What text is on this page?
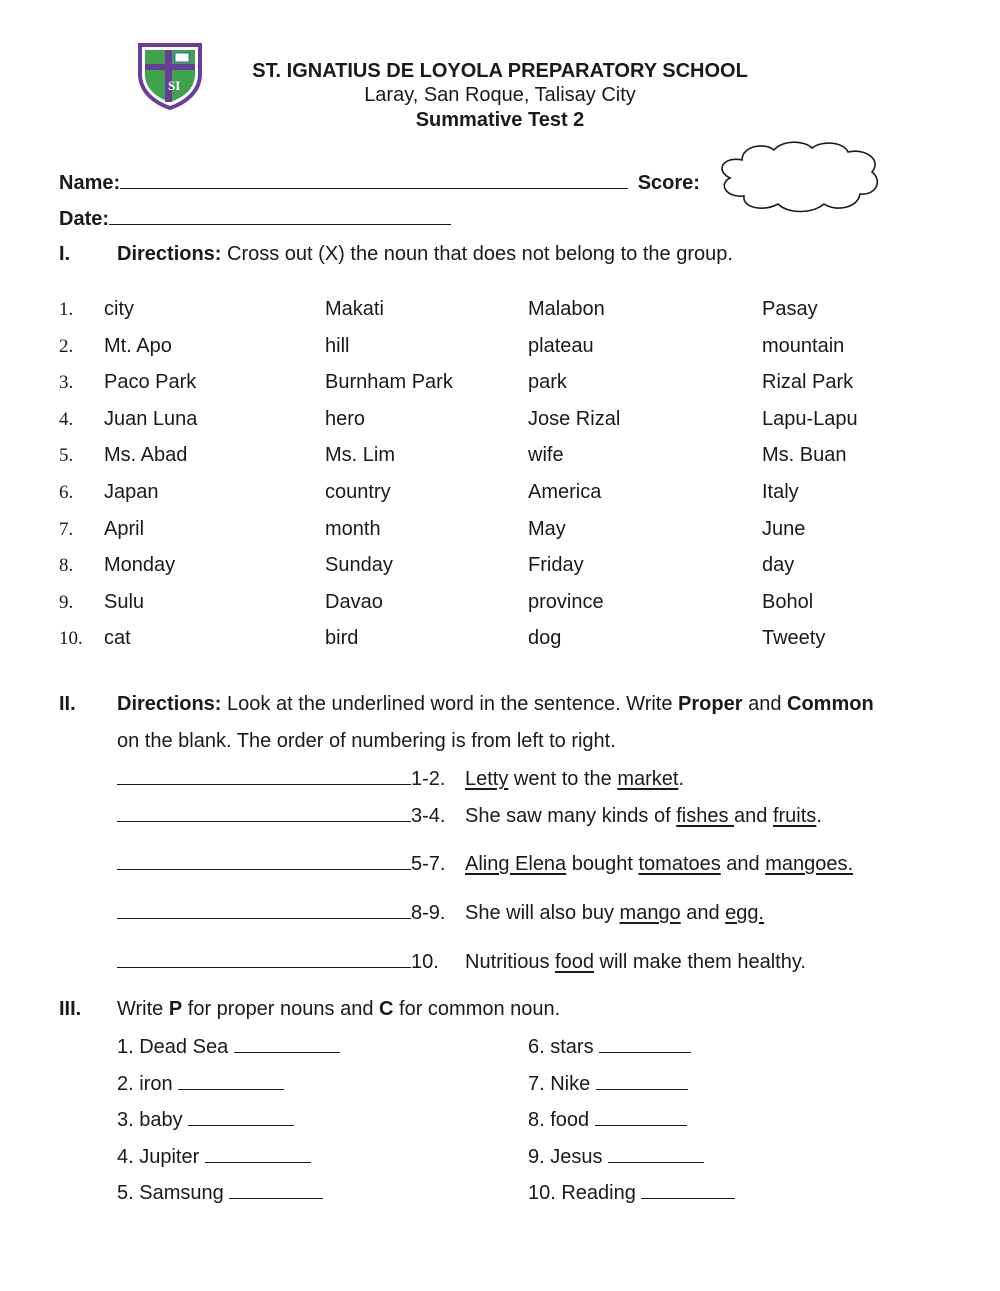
SI
ST. IGNATIUS DE LOYOLA PREPARATORY SCHOOL
Laray, San Roque, Talisay City
Summative Test 2
Name:	Score:
Date:
I. Directions: Cross out (X) the noun that does not belong to the group.
1. city	Makati	Malabon	Pasay
2. Mt. Apo	hill	plateau	mountain
3. Paco Park	Burnham Park	park	Rizal Park
4. Juan Luna	hero	Jose Rizal	Lapu-Lapu
5. Ms. Abad	Ms. Lim	wife	Ms. Buan
6. Japan	country	America	Italy
7. April	month	May	June
8. Monday	Sunday	Friday	day
9. Sulu	Davao	province	Bohol
10. cat	bird	dog	Tweety
II. Directions: Look at the underlined word in the sentence. Write Proper and Common
on the blank. The order of numbering is from left to right.
1-2. Letty went to the market.
3-4. She saw many kinds of fishes and fruits.
5-7. Aling Elena bought tomatoes and mangoes.
8-9. She will also buy mango and egg.
10. Nutritious food will make them healthy.
III. Write P for proper nouns and C for common noun.
1. Dead Sea	6. stars
2. iron	7. Nike
3. baby	8. food
4. Jupiter	9. Jesus
5. Samsung	10. Reading
